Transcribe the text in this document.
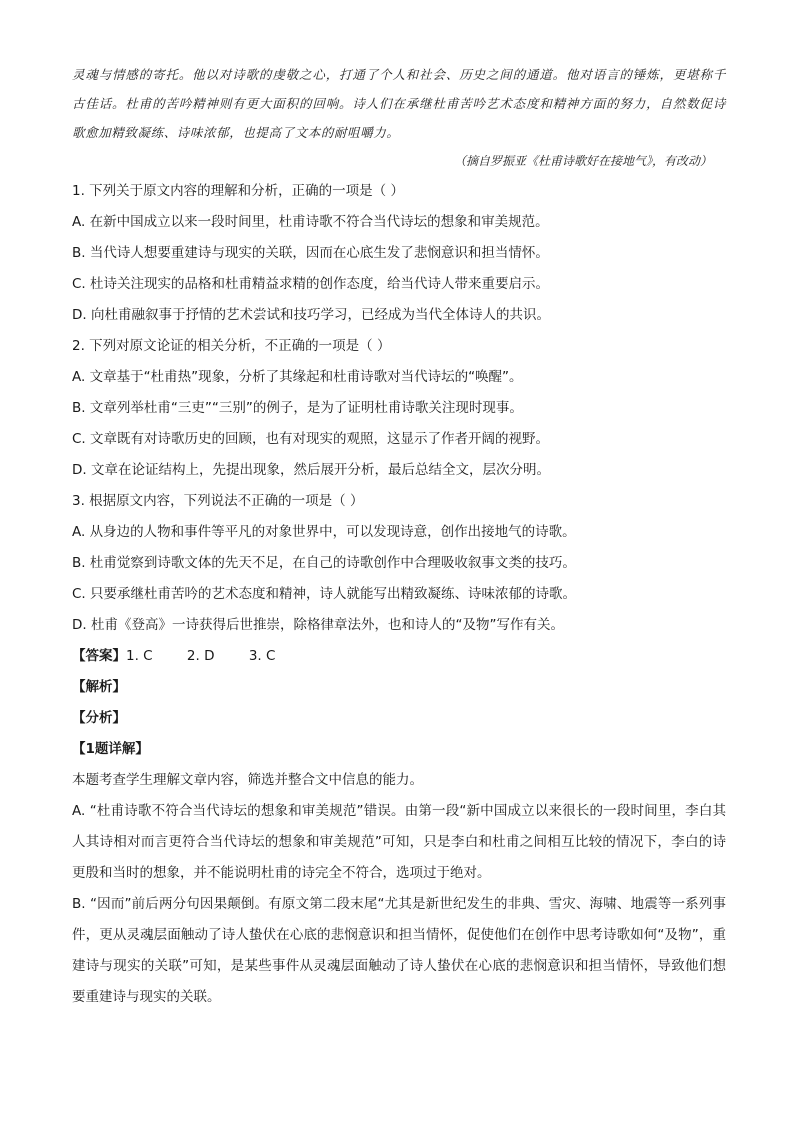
灵魂与情感的寄托。他以对诗歌的虔敬之心，打通了个人和社会、历史之间的通道。他对语言的锤炼，更堪称千古佳话。杜甫的苦吟精神则有更大面积的回响。诗人们在承继杜甫苦吟艺术态度和精神方面的努力，自然数促诗歌愈加精致凝练、诗味浓郁，也提高了文本的耐咀嚼力。
（摘自罗振亚《杜甫诗歌好在接地气》，有改动）
1. 下列关于原文内容的理解和分析，正确的一项是（ ）
A. 在新中国成立以来一段时间里，杜甫诗歌不符合当代诗坛的想象和审美规范。
B. 当代诗人想要重建诗与现实的关联，因而在心底生发了悲悯意识和担当情怀。
C. 杜诗关注现实的品格和杜甫精益求精的创作态度，给当代诗人带来重要启示。
D. 向杜甫融叙事于抒情的艺术尝试和技巧学习，已经成为当代全体诗人的共识。
2. 下列对原文论证的相关分析，不正确的一项是（ ）
A. 文章基于“杜甫热”现象，分析了其缘起和杜甫诗歌对当代诗坛的“唤醒”。
B. 文章列举杜甫“三吏”“三别”的例子，是为了证明杜甫诗歌关注现时现事。
C. 文章既有对诗歌历史的回顾，也有对现实的观照，这显示了作者开阔的视野。
D. 文章在论证结构上，先提出现象，然后展开分析，最后总结全文，层次分明。
3. 根据原文内容，下列说法不正确的一项是（ ）
A. 从身边的人物和事件等平凡的对象世界中，可以发现诗意，创作出接地气的诗歌。
B. 杜甫觉察到诗歌文体的先天不足，在自己的诗歌创作中合理吸收叙事文类的技巧。
C. 只要承继杜甫苦吟的艺术态度和精神，诗人就能写出精致凝练、诗味浓郁的诗歌。
D. 杜甫《登高》一诗获得后世推崇，除格律章法外，也和诗人的“及物”写作有关。
【答案】1. C        2. D        3. C
【解析】
【分析】
【1题详解】
本题考查学生理解文章内容，筛选并整合文中信息的能力。
A. “杜甫诗歌不符合当代诗坛的想象和审美规范”错误。由第一段“新中国成立以来很长的一段时间里，李白其人其诗相对而言更符合当代诗坛的想象和审美规范”可知，只是李白和杜甫之间相互比较的情况下，李白的诗更殷和当时的想象，并不能说明杜甫的诗完全不符合，选项过于绝对。
B. “因而”前后两分句因果颠倒。有原文第二段末尾“尤其是新世纪发生的非典、雪灾、海啸、地震等一系列事件，更从灵魂层面触动了诗人蛰伏在心底的悲悯意识和担当情怀，促使他们在创作中思考诗歌如何“及物”，重建诗与现实的关联”可知，是某些事件从灵魂层面触动了诗人蛰伏在心底的悲悯意识和担当情怀，导致他们想要重建诗与现实的关联。
